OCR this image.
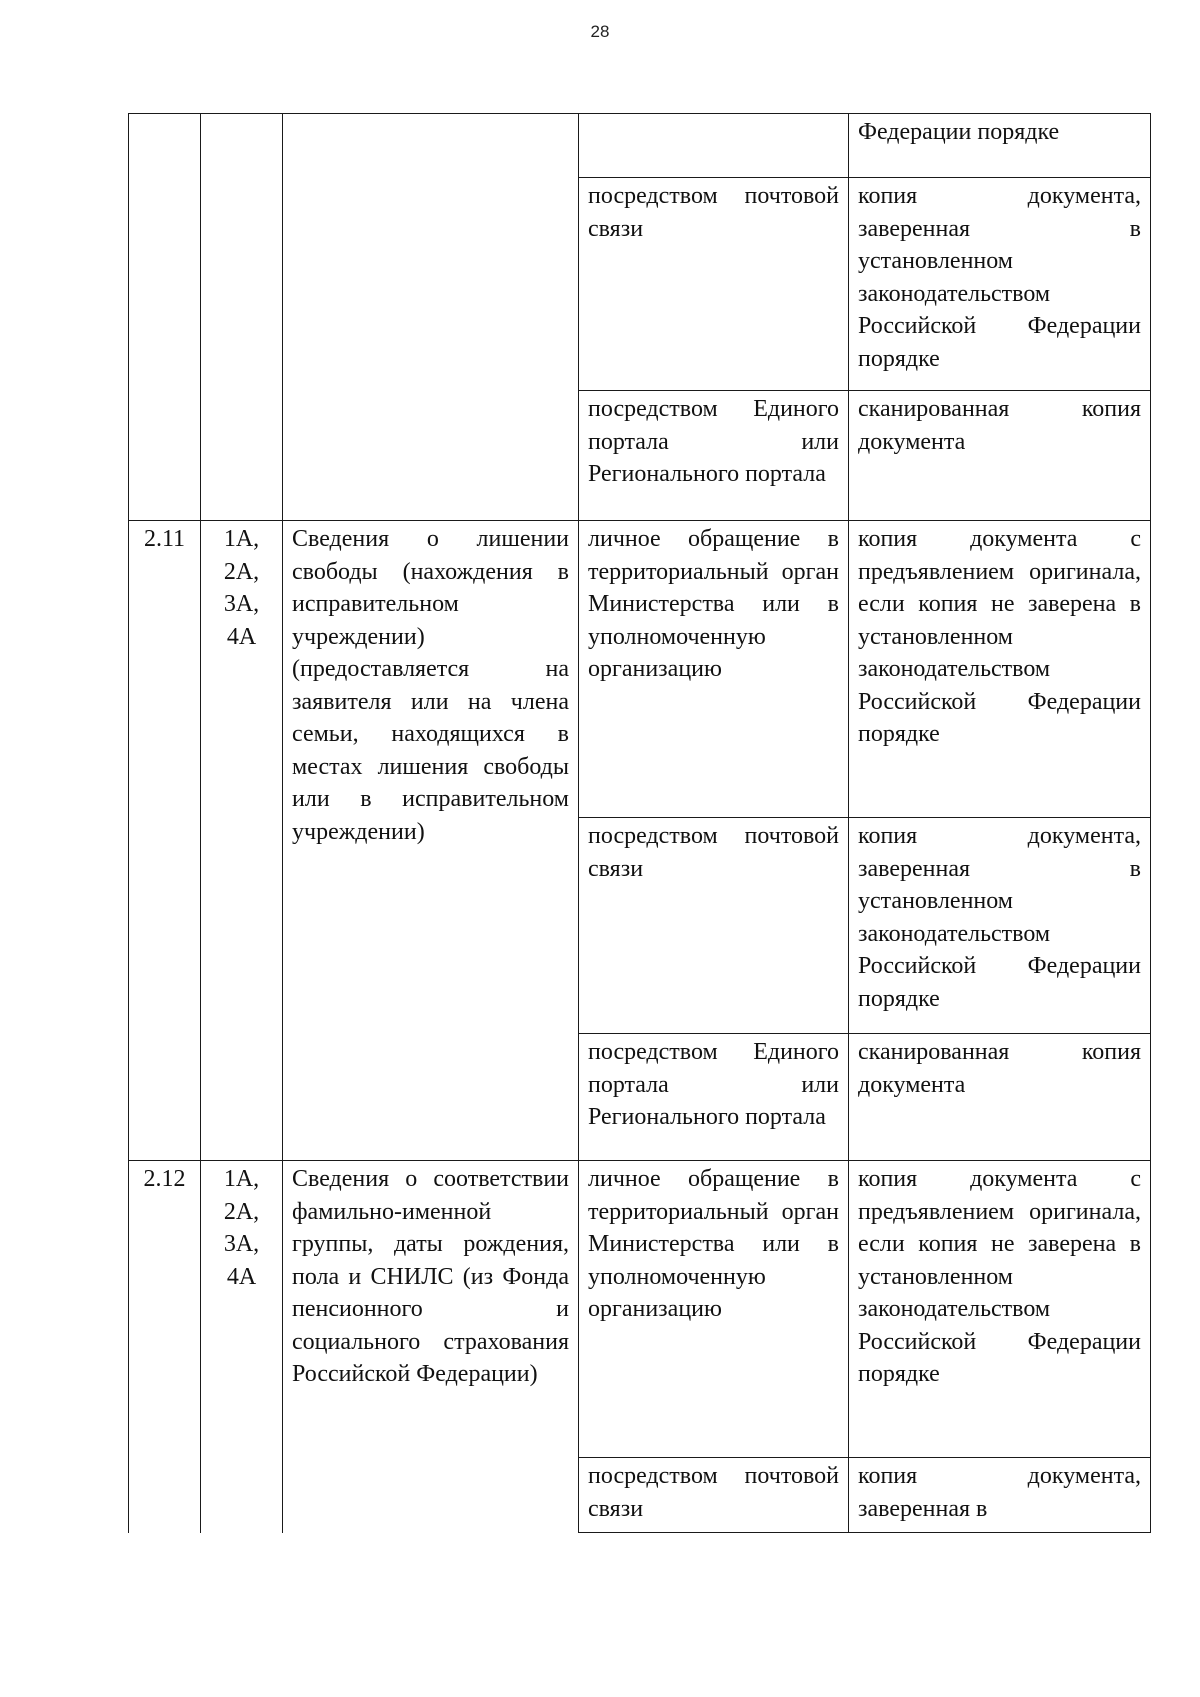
28
				Федерации порядке
			посредством почтовой связи	копия документа, заверенная в установленном законодательством Российской Федерации порядке
			посредством Единого портала или Регионального портала	сканированная копия документа
2.11	1А, 2А, 3А, 4А	Сведения о лишении свободы (нахождения в исправительном учреждении) (предоставляется на заявителя или на члена семьи, находящихся в местах лишения свободы или в исправительном учреждении)	личное обращение в территориальный орган Министерства или в уполномоченную организацию	копия документа с предъявлением оригинала, если копия не заверена в установленном законодательством Российской Федерации порядке
			посредством почтовой связи	копия документа, заверенная в установленном законодательством Российской Федерации порядке
			посредством Единого портала или Регионального портала	сканированная копия документа
2.12	1А, 2А, 3А, 4А	Сведения о соответствии фамильно-именной группы, даты рождения, пола и СНИЛС (из Фонда пенсионного и социального страхования Российской Федерации)	личное обращение в территориальный орган Министерства или в уполномоченную организацию	копия документа с предъявлением оригинала, если копия не заверена в установленном законодательством Российской Федерации порядке
			посредством почтовой связи	копия документа, заверенная в
